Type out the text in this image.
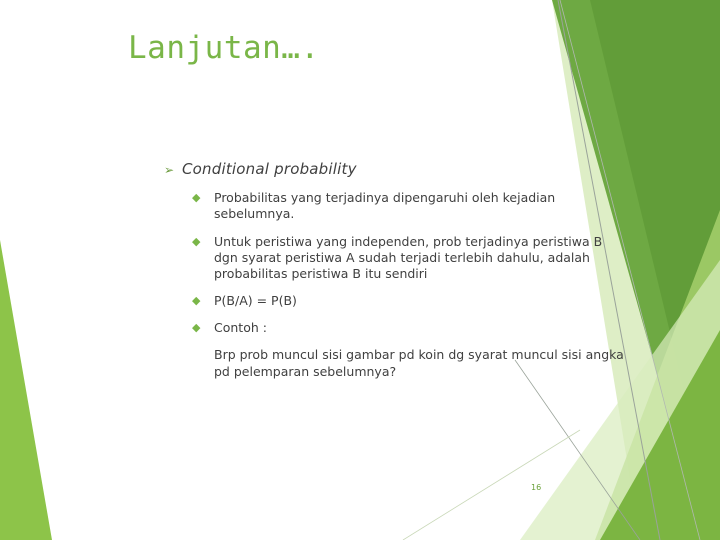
Lanjutan….
➢ Conditional probability
◆	Probabilitas yang terjadinya dipengaruhi oleh kejadian sebelumnya.
◆	Untuk peristiwa yang independen, prob terjadinya peristiwa B dgn syarat peristiwa A sudah terjadi terlebih dahulu, adalah probabilitas peristiwa B itu sendiri
◆	P(B/A) = P(B)
◆	Contoh :
Brp prob muncul sisi gambar pd koin dg syarat muncul sisi angka pd pelemparan sebelumnya?
16
